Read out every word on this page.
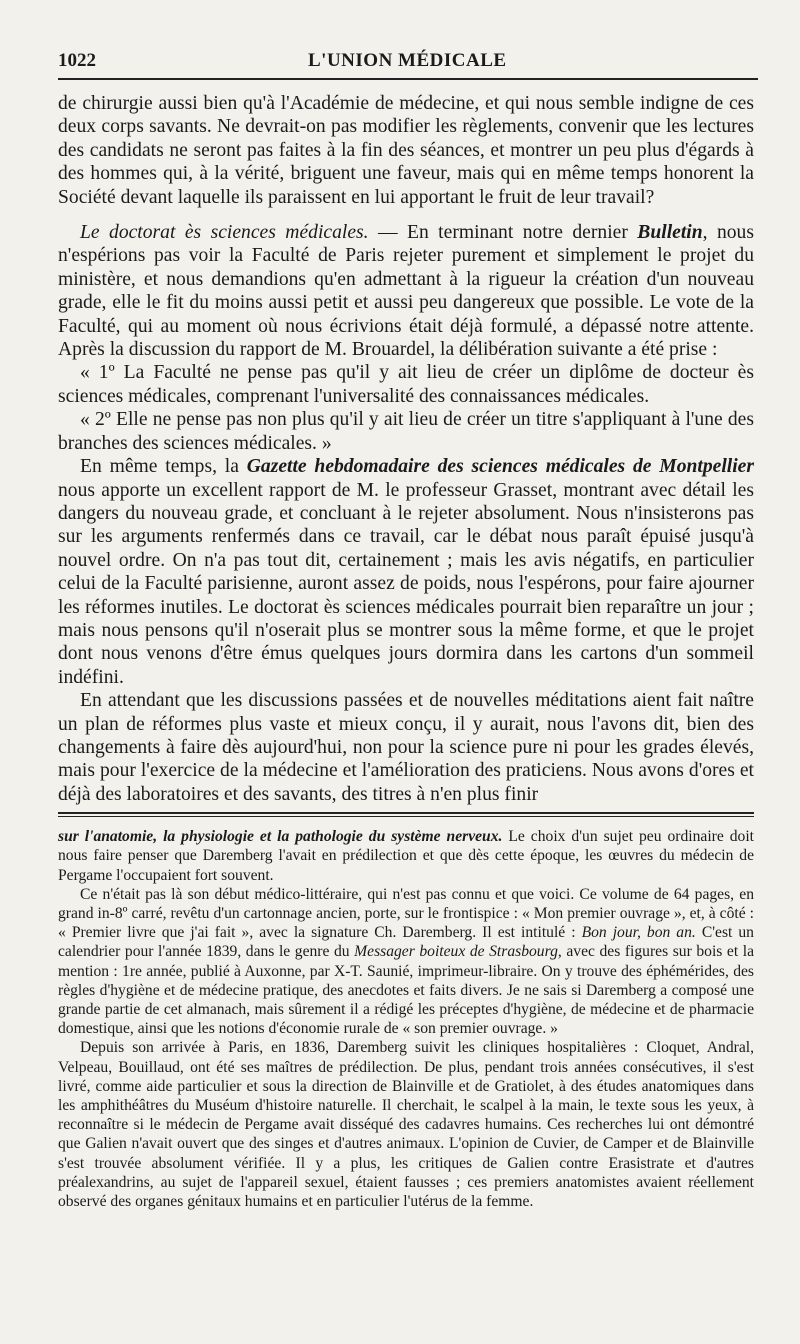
1022	L'UNION MÉDICALE

de chirurgie aussi bien qu'à l'Académie de médecine, et qui nous semble indigne de ces deux corps savants. Ne devrait-on pas modifier les règlements, convenir que les lectures des candidats ne seront pas faites à la fin des séances, et montrer un peu plus d'égards à des hommes qui, à la vérité, briguent une faveur, mais qui en même temps honorent la Société devant laquelle ils paraissent en lui apportant le fruit de leur travail?

Le doctorat ès sciences médicales. — En terminant notre dernier Bulletin, nous n'espérions pas voir la Faculté de Paris rejeter purement et simplement le projet du ministère, et nous demandions qu'en admettant à la rigueur la création d'un nouveau grade, elle le fit du moins aussi petit et aussi peu dangereux que possible. Le vote de la Faculté, qui au moment où nous écrivions était déjà formulé, a dépassé notre attente. Après la discussion du rapport de M. Brouardel, la délibération suivante a été prise :

« 1º La Faculté ne pense pas qu'il y ait lieu de créer un diplôme de docteur ès sciences médicales, comprenant l'universalité des connaissances médicales.

« 2º Elle ne pense pas non plus qu'il y ait lieu de créer un titre s'appliquant à l'une des branches des sciences médicales. »

En même temps, la Gazette hebdomadaire des sciences médicales de Montpellier nous apporte un excellent rapport de M. le professeur Grasset, montrant avec détail les dangers du nouveau grade, et concluant à le rejeter absolument. Nous n'insisterons pas sur les arguments renfermés dans ce travail, car le débat nous paraît épuisé jusqu'à nouvel ordre. On n'a pas tout dit, certainement ; mais les avis négatifs, en particulier celui de la Faculté parisienne, auront assez de poids, nous l'espérons, pour faire ajourner les réformes inutiles. Le doctorat ès sciences médicales pourrait bien reparaître un jour ; mais nous pensons qu'il n'oserait plus se montrer sous la même forme, et que le projet dont nous venons d'être émus quelques jours dormira dans les cartons d'un sommeil indéfini.

En attendant que les discussions passées et de nouvelles méditations aient fait naître un plan de réformes plus vaste et mieux conçu, il y aurait, nous l'avons dit, bien des changements à faire dès aujourd'hui, non pour la science pure ni pour les grades élevés, mais pour l'exercice de la médecine et l'amélioration des praticiens. Nous avons d'ores et déjà des laboratoires et des savants, des titres à n'en plus finir

sur l'anatomie, la physiologie et la pathologie du système nerveux. Le choix d'un sujet peu ordinaire doit nous faire penser que Daremberg l'avait en prédilection et que dès cette époque, les œuvres du médecin de Pergame l'occupaient fort souvent.

Ce n'était pas là son début médico-littéraire, qui n'est pas connu et que voici. Ce volume de 64 pages, en grand in-8º carré, revêtu d'un cartonnage ancien, porte, sur le frontispice : « Mon premier ouvrage », et, à côté : « Premier livre que j'ai fait », avec la signature Ch. Daremberg. Il est intitulé : Bon jour, bon an. C'est un calendrier pour l'année 1839, dans le genre du Messager boiteux de Strasbourg, avec des figures sur bois et la mention : 1re année, publié à Auxonne, par X-T. Saunié, imprimeur-libraire. On y trouve des éphémérides, des règles d'hygiène et de médecine pratique, des anecdotes et faits divers. Je ne sais si Daremberg a composé une grande partie de cet almanach, mais sûrement il a rédigé les préceptes d'hygiène, de médecine et de pharmacie domestique, ainsi que les notions d'économie rurale de « son premier ouvrage. »

Depuis son arrivée à Paris, en 1836, Daremberg suivit les cliniques hospitalières : Cloquet, Andral, Velpeau, Bouillaud, ont été ses maîtres de prédilection. De plus, pendant trois années consécutives, il s'est livré, comme aide particulier et sous la direction de Blainville et de Gratiolet, à des études anatomiques dans les amphithéâtres du Muséum d'histoire naturelle. Il cherchait, le scalpel à la main, le texte sous les yeux, à reconnaître si le médecin de Pergame avait disséqué des cadavres humains. Ces recherches lui ont démontré que Galien n'avait ouvert que des singes et d'autres animaux. L'opinion de Cuvier, de Camper et de Blainville s'est trouvée absolument vérifiée. Il y a plus, les critiques de Galien contre Erasistrate et d'autres préalexandrins, au sujet de l'appareil sexuel, étaient fausses ; ces premiers anatomistes avaient réellement observé des organes génitaux humains et en particulier l'utérus de la femme.
